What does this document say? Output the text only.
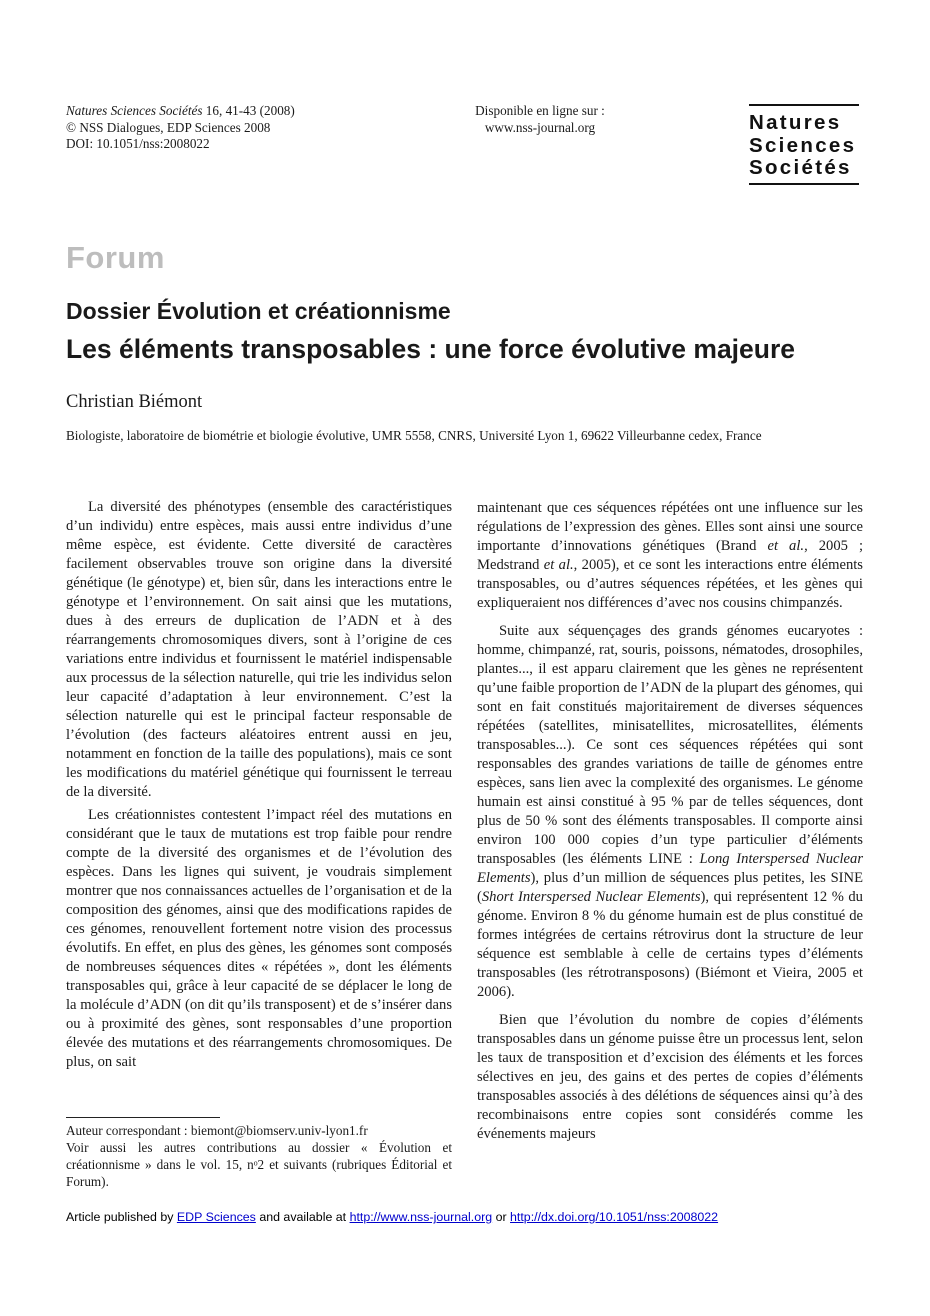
Natures Sciences Sociétés 16, 41-43 (2008)
© NSS Dialogues, EDP Sciences 2008
DOI: 10.1051/nss:2008022
Disponible en ligne sur :
www.nss-journal.org	Natures
Sciences
Sociétés
Forum
Dossier Évolution et créationnisme
Les éléments transposables : une force évolutive majeure
Christian Biémont
Biologiste, laboratoire de biométrie et biologie évolutive, UMR 5558, CNRS, Université Lyon 1, 69622 Villeurbanne cedex, France

La diversité des phénotypes (ensemble des caractéristiques d’un individu) entre espèces, mais aussi entre individus d’une même espèce, est évidente. Cette diversité de caractères facilement observables trouve son origine dans la diversité génétique (le génotype) et, bien sûr, dans les interactions entre le génotype et l’environnement. On sait ainsi que les mutations, dues à des erreurs de duplication de l’ADN et à des réarrangements chromosomiques divers, sont à l’origine de ces variations entre individus et fournissent le matériel indispensable aux processus de la sélection naturelle, qui trie les individus selon leur capacité d’adaptation à leur environnement. C’est la sélection naturelle qui est le principal facteur responsable de l’évolution (des facteurs aléatoires entrent aussi en jeu, notamment en fonction de la taille des populations), mais ce sont les modifications du matériel génétique qui fournissent le terreau de la diversité.

Les créationnistes contestent l’impact réel des mutations en considérant que le taux de mutations est trop faible pour rendre compte de la diversité des organismes et de l’évolution des espèces. Dans les lignes qui suivent, je voudrais simplement montrer que nos connaissances actuelles de l’organisation et de la composition des génomes, ainsi que des modifications rapides de ces génomes, renouvellent fortement notre vision des processus évolutifs. En effet, en plus des gènes, les génomes sont composés de nombreuses séquences dites « répétées », dont les éléments transposables qui, grâce à leur capacité de se déplacer le long de la molécule d’ADN (on dit qu’ils transposent) et de s’insérer dans ou à proximité des gènes, sont responsables d’une proportion élevée des mutations et des réarrangements chromosomiques. De plus, on sait

maintenant que ces séquences répétées ont une influence sur les régulations de l’expression des gènes. Elles sont ainsi une source importante d’innovations génétiques (Brand et al., 2005 ; Medstrand et al., 2005), et ce sont les interactions entre éléments transposables, ou d’autres séquences répétées, et les gènes qui expliqueraient nos différences d’avec nos cousins chimpanzés.

Suite aux séquençages des grands génomes eucaryotes : homme, chimpanzé, rat, souris, poissons, nématodes, drosophiles, plantes..., il est apparu clairement que les gènes ne représentent qu’une faible proportion de l’ADN de la plupart des génomes, qui sont en fait constitués majoritairement de diverses séquences répétées (satellites, minisatellites, microsatellites, éléments transposables...). Ce sont ces séquences répétées qui sont responsables des grandes variations de taille de génomes entre espèces, sans lien avec la complexité des organismes. Le génome humain est ainsi constitué à 95 % par de telles séquences, dont plus de 50 % sont des éléments transposables. Il comporte ainsi environ 100 000 copies d’un type particulier d’éléments transposables (les éléments LINE : Long Interspersed Nuclear Elements), plus d’un million de séquences plus petites, les SINE (Short Interspersed Nuclear Elements), qui représentent 12 % du génome. Environ 8 % du génome humain est de plus constitué de formes intégrées de certains rétrovirus dont la structure de leur séquence est semblable à celle de certains types d’éléments transposables (les rétrotransposons) (Biémont et Vieira, 2005 et 2006).

Bien que l’évolution du nombre de copies d’éléments transposables dans un génome puisse être un processus lent, selon les taux de transposition et d’excision des éléments et les forces sélectives en jeu, des gains et des pertes de copies d’éléments transposables associés à des délétions de séquences ainsi qu’à des recombinaisons entre copies sont considérés comme les événements majeurs

Auteur correspondant : biemont@biomserv.univ-lyon1.fr

Voir aussi les autres contributions au dossier « Évolution et créationnisme » dans le vol. 15, nᵒ2 et suivants (rubriques Éditorial et Forum).

Article published by EDP Sciences and available at http://www.nss-journal.org or http://dx.doi.org/10.1051/nss:2008022
